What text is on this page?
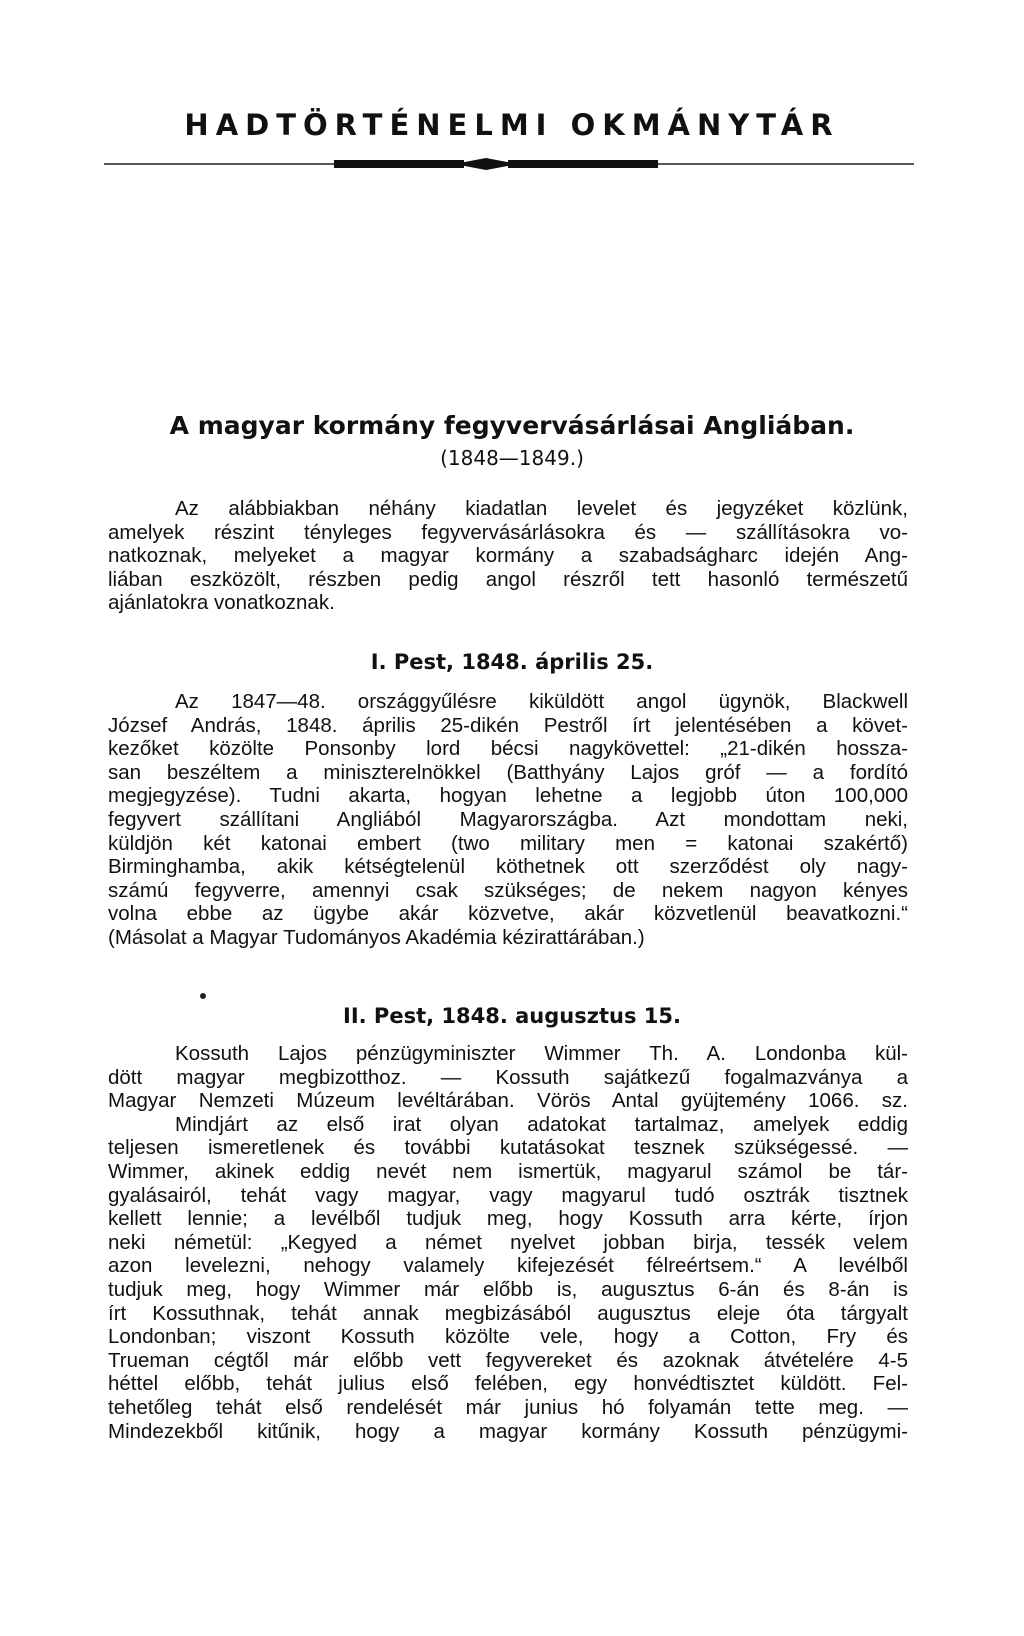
HADTÖRTÉNELMI OKMÁNYTÁR
A magyar kormány fegyvervásárlásai Angliában.
(1848—1849.)
Az alábbiakban néhány kiadatlan levelet és jegyzéket közlünk,
amelyek részint tényleges fegyvervásárlásokra és — szállításokra vo-
natkoznak, melyeket a magyar kormány a szabadságharc idején Ang-
liában eszközölt, részben pedig angol részről tett hasonló természetű
ajánlatokra vonatkoznak.
I. Pest, 1848. április 25.
Az 1847—48. országgyűlésre kiküldött angol ügynök, Blackwell
József András, 1848. április 25-dikén Pestről írt jelentésében a követ-
kezőket közölte Ponsonby lord bécsi nagykövettel: „21-dikén hossza-
san beszéltem a miniszterelnökkel (Batthyány Lajos gróf — a fordító
megjegyzése). Tudni akarta, hogyan lehetne a legjobb úton 100,000
fegyvert szállítani Angliából Magyarországba. Azt mondottam neki,
küldjön két katonai embert (two military men = katonai szakértő)
Birminghamba, akik kétségtelenül köthetnek ott szerződést oly nagy-
számú fegyverre, amennyi csak szükséges; de nekem nagyon kényes
volna ebbe az ügybe akár közvetve, akár közvetlenül beavatkozni.“
(Másolat a Magyar Tudományos Akadémia kézirattárában.)
II. Pest, 1848. augusztus 15.
Kossuth Lajos pénzügyminiszter Wimmer Th. A. Londonba kül-
dött magyar megbizotthoz. — Kossuth sajátkezű fogalmazványa a
Magyar Nemzeti Múzeum levéltárában. Vörös Antal gyüjtemény 1066. sz.
Mindjárt az első irat olyan adatokat tartalmaz, amelyek eddig
teljesen ismeretlenek és további kutatásokat tesznek szükségessé. —
Wimmer, akinek eddig nevét nem ismertük, magyarul számol be tár-
gyalásairól, tehát vagy magyar, vagy magyarul tudó osztrák tisztnek
kellett lennie; a levélből tudjuk meg, hogy Kossuth arra kérte, írjon
neki németül: „Kegyed a német nyelvet jobban birja, tessék velem
azon levelezni, nehogy valamely kifejezését félreértsem.“ A levélből
tudjuk meg, hogy Wimmer már előbb is, augusztus 6-án és 8-án is
írt Kossuthnak, tehát annak megbizásából augusztus eleje óta tárgyalt
Londonban; viszont Kossuth közölte vele, hogy a Cotton, Fry és
Trueman cégtől már előbb vett fegyvereket és azoknak átvételére 4-5
héttel előbb, tehát julius első felében, egy honvédtisztet küldött. Fel-
tehetőleg tehát első rendelését már junius hó folyamán tette meg. —
Mindezekből kitűnik, hogy a magyar kormány Kossuth pénzügymi-
